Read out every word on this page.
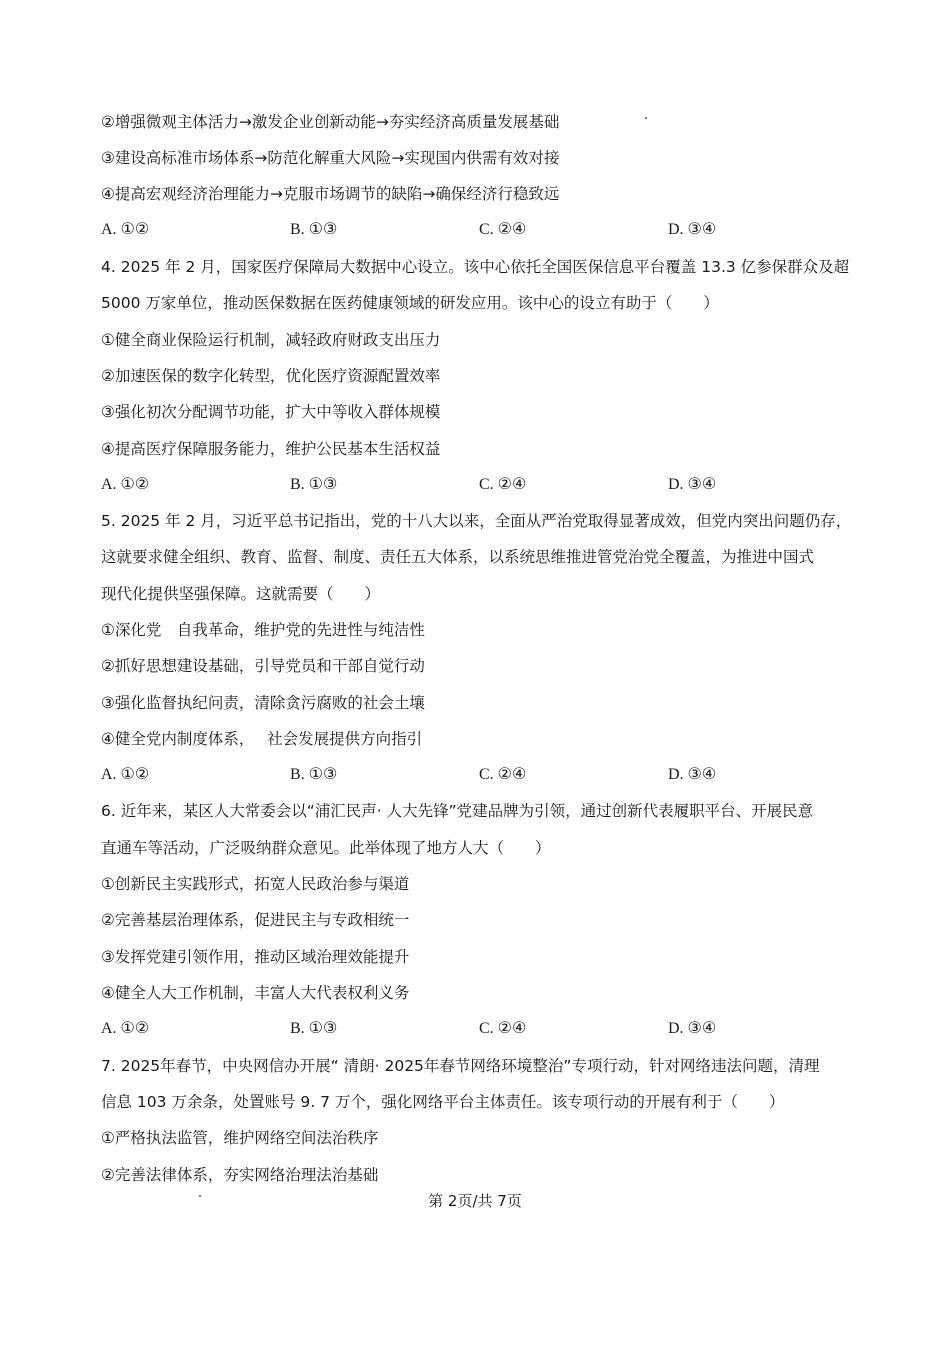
②增强微观主体活力→激发企业创新动能→夯实经济高质量发展基础
③建设高标准市场体系→防范化解重大风险→实现国内供需有效对接
④提高宏观经济治理能力→克服市场调节的缺陷→确保经济行稳致远
A. ①②	B. ①③	C. ②④	D. ③④
4. 2025 年 2 月，国家医疗保障局大数据中心设立。该中心依托全国医保信息平台覆盖 13.3 亿参保群众及超
5000 万家单位，推动医保数据在医药健康领域的研发应用。该中心的设立有助于（　　）
①健全商业保险运行机制，减轻政府财政支出压力
②加速医保的数字化转型，优化医疗资源配置效率
③强化初次分配调节功能，扩大中等收入群体规模
④提高医疗保障服务能力，维护公民基本生活权益
A. ①②	B. ①③	C. ②④	D. ③④
5. 2025 年 2 月，习近平总书记指出，党的十八大以来，全面从严治党取得显著成效，但党内突出问题仍存，
这就要求健全组织、教育、监督、制度、责任五大体系，以系统思维推进管党治党全覆盖，为推进中国式
现代化提供坚强保障。这就需要（　　）
①深化党　自我革命，维护党的先进性与纯洁性
②抓好思想建设基础，引导党员和干部自觉行动
③强化监督执纪问责，清除贪污腐败的社会土壤
④健全党内制度体系，　 社会发展提供方向指引
A. ①②	B. ①③	C. ②④	D. ③④
6. 近年来，某区人大常委会以“浦汇民声· 人大先锋”党建品牌为引领，通过创新代表履职平台、开展民意
直通车等活动，广泛吸纳群众意见。此举体现了地方人大（　　）
①创新民主实践形式，拓宽人民政治参与渠道
②完善基层治理体系，促进民主与专政相统一
③发挥党建引领作用，推动区域治理效能提升
④健全人大工作机制，丰富人大代表权利义务
A. ①②	B. ①③	C. ②④	D. ③④
7. 2025年春节，中央网信办开展“ 清朗· 2025年春节网络环境整治”专项行动，针对网络违法问题，清理
信息 103 万余条，处置账号 9. 7 万个，强化网络平台主体责任。该专项行动的开展有利于（　　）
①严格执法监管，维护网络空间法治秩序
②完善法律体系，夯实网络治理法治基础
第 2页/共 7页
